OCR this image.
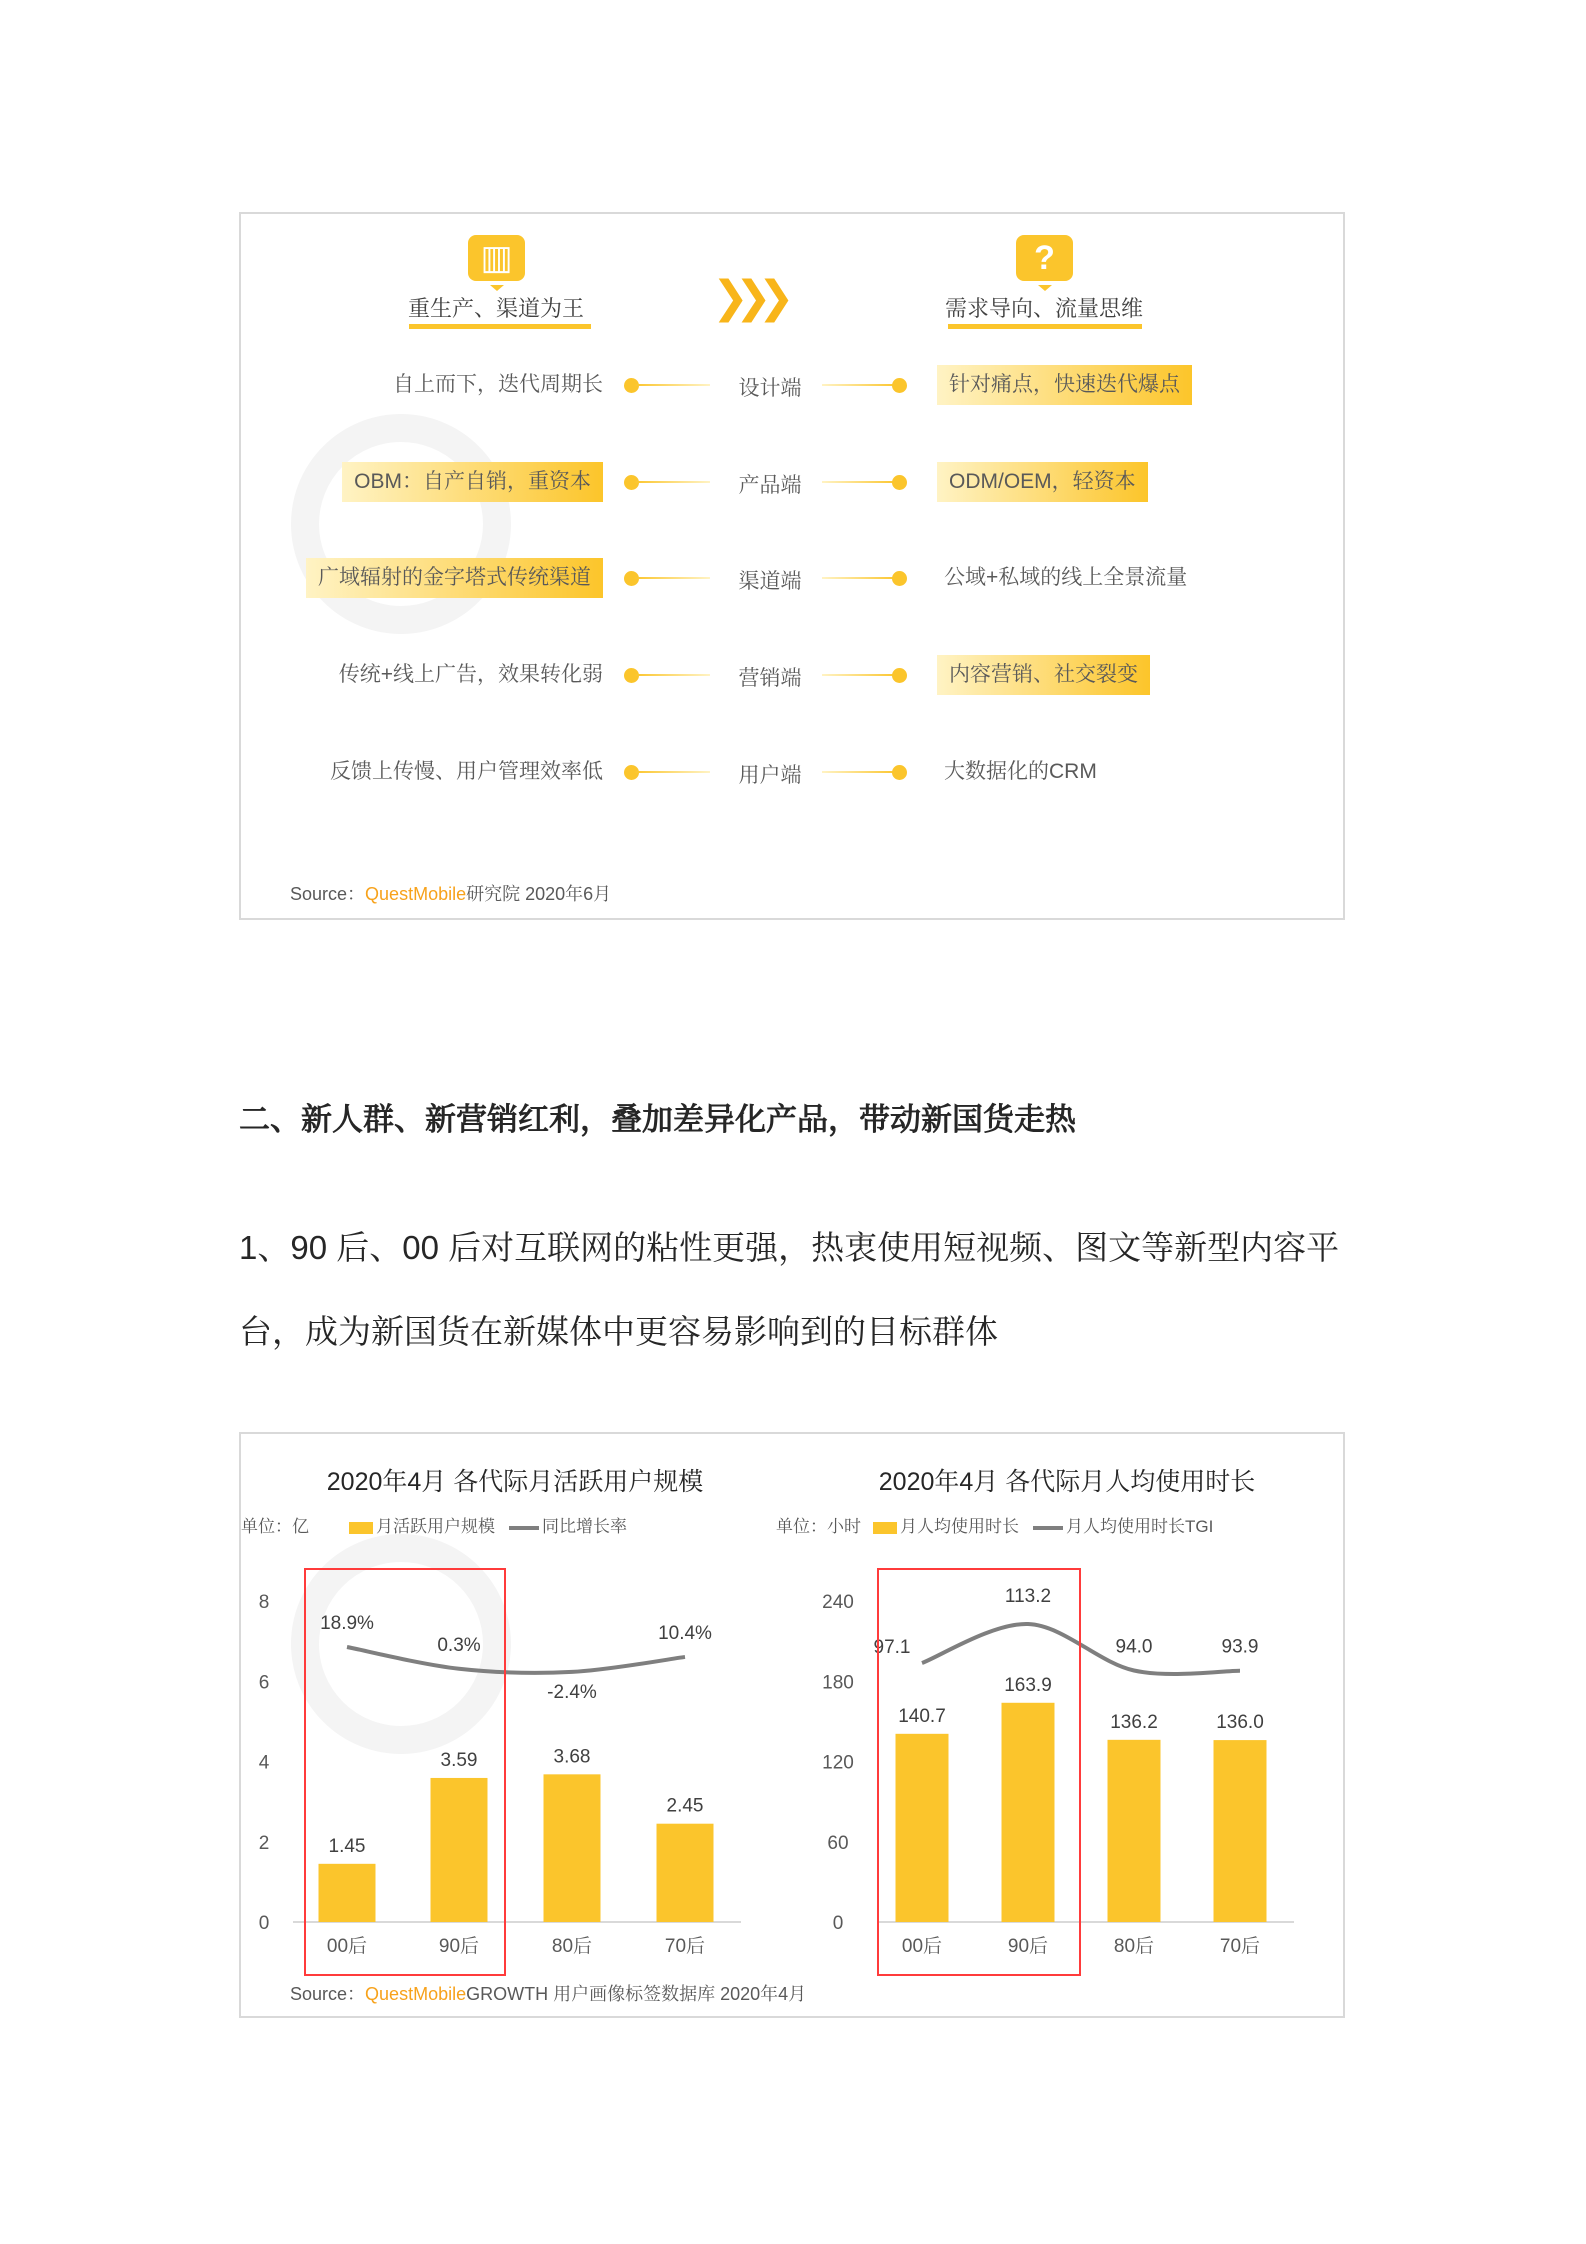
▥	?
重生产、渠道为王	需求导向、流量思维
❯❯❯
自上而下，迭代周期长	设计端	针对痛点，快速迭代爆点
OBM：自产自销，重资本	产品端	ODM/OEM，轻资本
广域辐射的金字塔式传统渠道	渠道端	公域+私域的线上全景流量
传统+线上广告，效果转化弱	营销端	内容营销、社交裂变
反馈上传慢、用户管理效率低	用户端	大数据化的CRM
Source：QuestMobile研究院 2020年6月
二、新人群、新营销红利，叠加差异化产品，带动新国货走热
1、90 后、00 后对互联网的粘性更强，热衷使用短视频、图文等新型内容平
台，成为新国货在新媒体中更容易影响到的目标群体
2020年4月 各代际月活跃用户规模	2020年4月 各代际月人均使用时长
单位：亿	月活跃用户规模	同比增长率	单位：小时 月人均使用时长	月人均使用时长TGI
0
2
4
6
8
1.45
00后
3.59
90后
3.68
80后
2.45
70后
18.9%
0.3%
-2.4%
10.4%
0
60
120
180
240
140.7
00后
163.9
90后
136.2
80后
136.0
70后
97.1
113.2
94.0	93.9
Source：QuestMobileGROWTH 用户画像标签数据库 2020年4月
